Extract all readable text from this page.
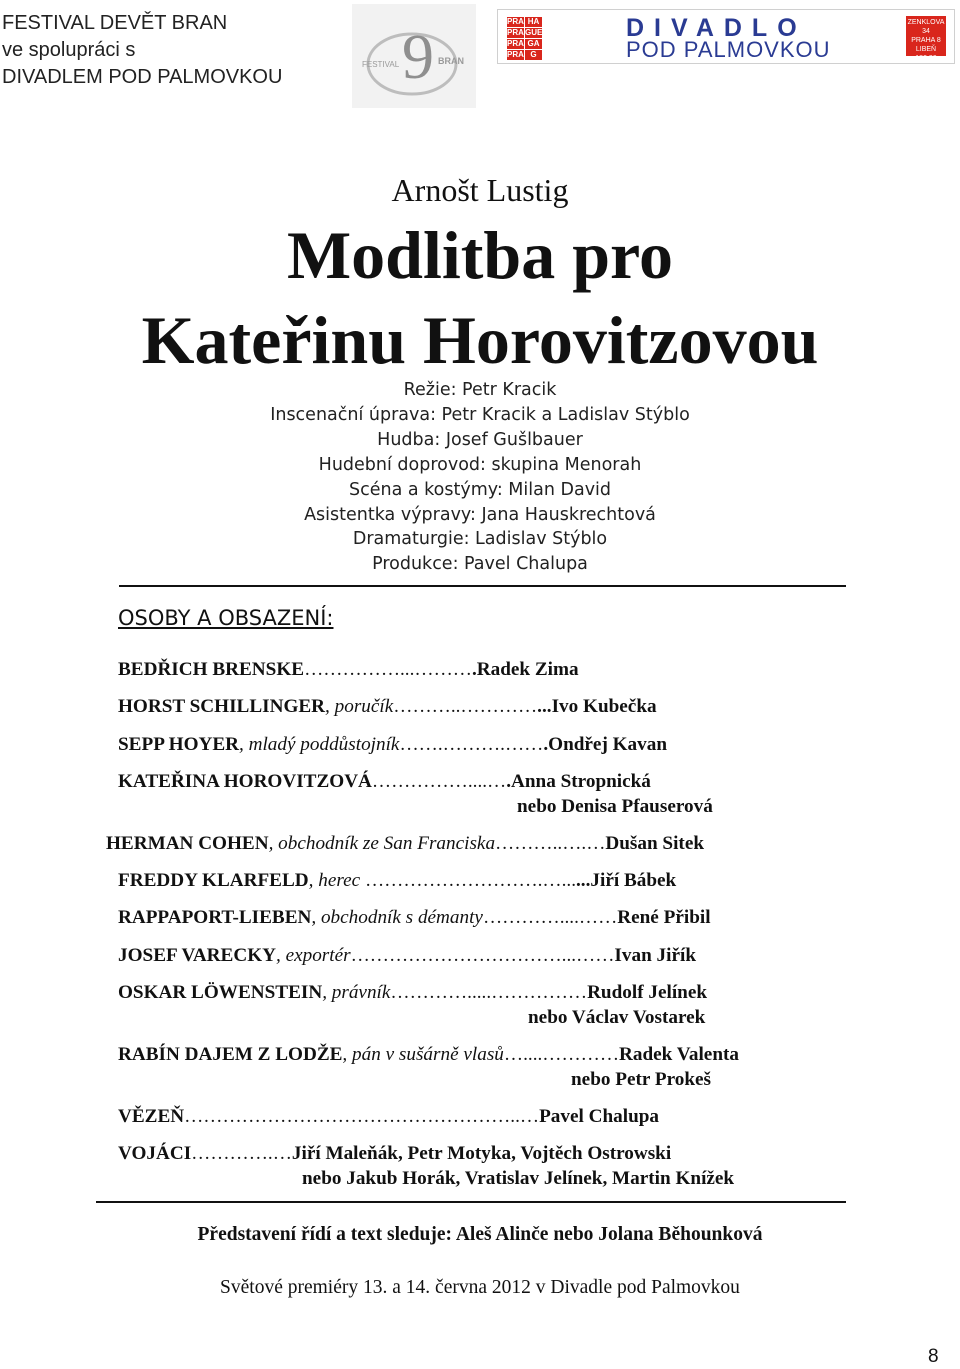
FESTIVAL DEVĚT BRAN
ve spolupráci s
DIVADLEM POD PALMOVKOU 9
FESTIVAL	BRAN
PRA HA
PRA GUE
PRA GA
PRA G
DIVADLO
POD PALMOVKOU
ZENKLOVA 34
PRAHA 8
LIBEŇ
180 36
Arnošt Lustig
Modlitba pro
Kateřinu Horovitzovou
Režie: Petr Kracik
Inscenační úprava: Petr Kracik a Ladislav Stýblo
Hudba: Josef Gušlbauer
Hudební doprovod: skupina Menorah
Scéna a kostýmy: Milan David
Asistentka výpravy: Jana Hauskrechtová
Dramaturgie: Ladislav Stýblo
Produkce: Pavel Chalupa
OSOBY A OBSAZENÍ:
BEDŘICH BRENSKE……………...……….Radek Zima
HORST SCHILLINGER, poručík………..…………...Ivo Kubečka
SEPP HOYER, mladý poddůstojník…….……….…….Ondřej Kavan
KATEŘINA HOROVITZOVÁ……………....….Anna Stropnická
nebo Denisa Pfauserová
HERMAN COHEN, obchodník ze San Franciska………..….…Dušan Sitek
FREDDY KLARFELD, herec ……………………….…......Jiří Bábek
RAPPAPORT-LIEBEN, obchodník s démanty…………....……René Přibil
JOSEF VARECKY, exportér……………………………...……Ivan Jiřík
OSKAR LÖWENSTEIN, právník………….....……………Rudolf Jelínek
nebo Václav Vostarek
RABÍN DAJEM Z LODŽE, pán v sušárně vlasů…....…………Radek Valenta
nebo Petr Prokeš
VĚZEŇ……………………………………………..…Pavel Chalupa
VOJÁCI………….…Jiří Maleňák, Petr Motyka, Vojtěch Ostrowski
nebo Jakub Horák, Vratislav Jelínek, Martin Knížek
Představení řídí a text sleduje: Aleš Alinče nebo Jolana Běhounková
Světové premiéry 13. a 14. června 2012 v Divadle pod Palmovkou
8
